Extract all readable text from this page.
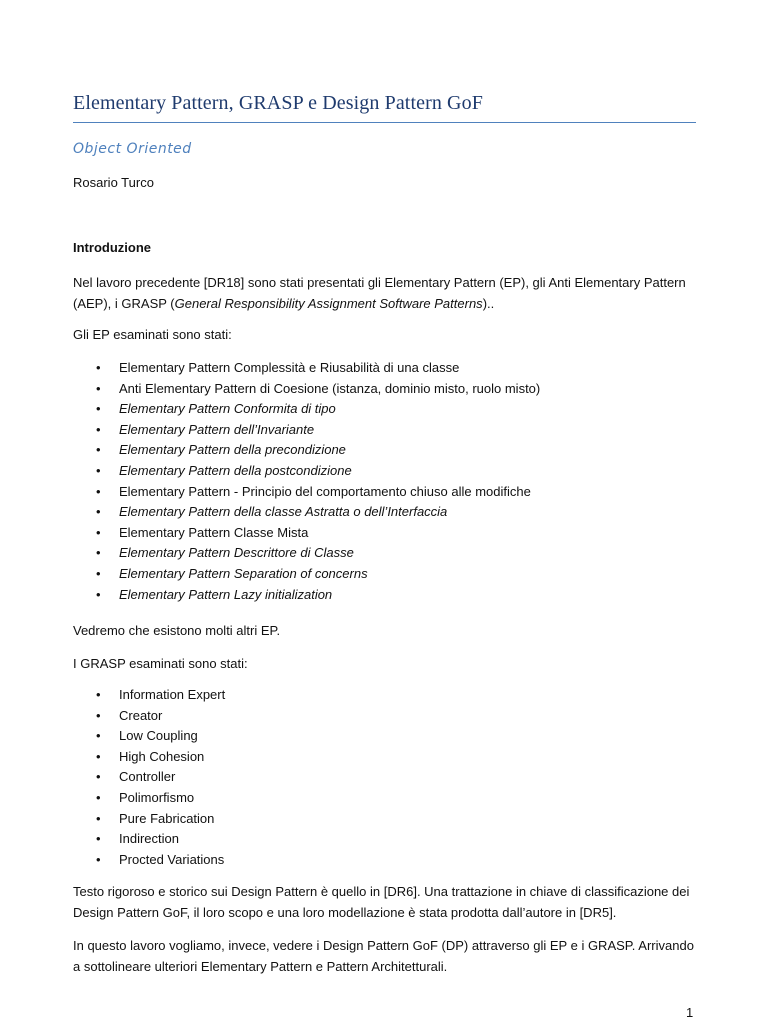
Elementary Pattern, GRASP e Design Pattern GoF
Object Oriented
Rosario Turco
Introduzione
Nel lavoro precedente [DR18] sono stati presentati gli Elementary Pattern (EP), gli Anti Elementary Pattern (AEP), i GRASP (General Responsibility Assignment Software Patterns)..
Gli EP esaminati sono stati:
• Elementary Pattern Complessità e Riusabilità di una classe
• Anti Elementary Pattern di Coesione (istanza, dominio misto, ruolo misto)
• Elementary Pattern Conformita di tipo
• Elementary Pattern dell’Invariante
• Elementary Pattern della precondizione
• Elementary Pattern della postcondizione
• Elementary Pattern - Principio del comportamento chiuso alle modifiche
• Elementary Pattern della classe Astratta o dell’Interfaccia
• Elementary Pattern Classe Mista
• Elementary Pattern Descrittore di Classe
• Elementary Pattern Separation of concerns
• Elementary Pattern Lazy initialization
Vedremo che esistono molti altri EP.
I GRASP esaminati sono stati:
• Information Expert
• Creator
• Low Coupling
• High Cohesion
• Controller
• Polimorfismo
• Pure Fabrication
• Indirection
• Procted Variations
Testo rigoroso e storico sui Design Pattern è quello in [DR6]. Una trattazione in chiave di classificazione dei Design Pattern GoF, il loro scopo e una loro modellazione è stata prodotta dall’autore in [DR5].
In questo lavoro vogliamo, invece, vedere i Design Pattern GoF (DP) attraverso gli EP e i GRASP. Arrivando a sottolineare ulteriori Elementary Pattern e Pattern Architetturali.
1
